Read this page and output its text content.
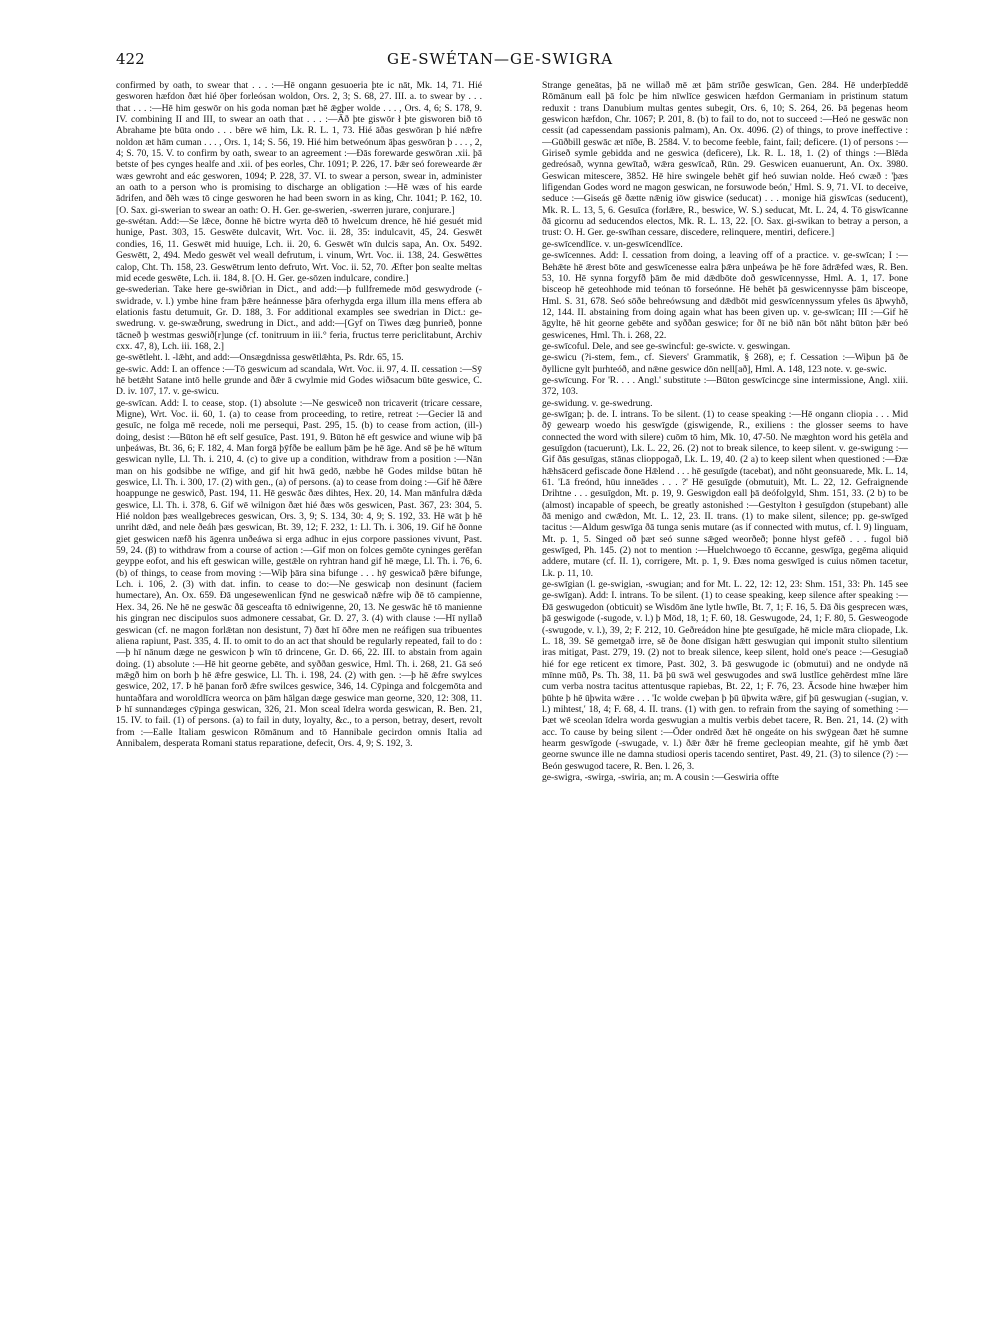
422	GE-SWÉTAN—GE-SWIGRA

confirmed by oath, to swear that . . . :—Hē ongann gesuoeria þte ic nāt, Mk. 14, 71. Hié gesworen hæfdon ðæt hié ōþer forleósan woldon, Ors. 2, 3; S. 68, 27. III. a. to swear by . . . that . . . :—Hē him geswōr on his goda noman þæt hē ǣgþer wolde . . . , Ors. 4, 6; S. 178, 9. IV. combining II and III, to swear an oath that . . . :—Āð þte giswōr ł þte gisworen bið tō Abrahame þte būta ondo . . . bēre wē him, Lk. R. L. 1, 73. Hié āðas geswōran þ hié nǣfre noldon æt hām cuman . . . , Ors. 1, 14; S. 56, 19. Hié him betweónum āþas geswōran þ . . . , 2, 4; S. 70, 15. V. to confirm by oath, swear to an agreement :—Ðās forewarde geswōran .xii. þā betste of þes cynges healfe and .xii. of þes eorles, Chr. 1091; P. 226, 17. Þǣr seó forewearde ǣr wæs gewroht and eác gesworen, 1094; P. 228, 37. VI. to swear a person, swear in, administer an oath to a person who is promising to discharge an obligation :—Hē wæs of his earde ādrifen, and ðēh wæs tō cinge gesworen he had been sworn in as king, Chr. 1041; P. 162, 10. [O. Sax. gi-swerian to swear an oath: O. H. Ger. ge-swerien, -swerren jurare, conjurare.]

ge-swétan. Add:—Se lǣce, ðonne hē bictre wyrta dēð tō hwelcum drence, hē hié gesuét mid hunige, Past. 303, 15. Geswēte dulcavit, Wrt. Voc. ii. 28, 35: indulcavit, 45, 24. Geswēt condies, 16, 11. Geswēt mid huuige, Lch. ii. 20, 6. Geswēt wīn dulcis sapa, An. Ox. 5492. Geswētt, 2, 494. Medo geswēt vel weall defrutum, i. vinum, Wrt. Voc. ii. 138, 24. Geswēttes calop, Cht. Th. 158, 23. Geswētrum lento defruto, Wrt. Voc. ii. 52, 70. Æfter þon sealte meltas mid ecede geswēte, Lch. ii. 184, 8. [O. H. Ger. ge-sōzen indulcare, condire.]

ge-swederian. Take here ge-swiðrian in Dict., and add:—þ fullfremede mōd geswydrode (-swidrade, v. l.) ymbe hine fram þǣre heánnesse þāra oferhygda erga illum illa mens effera ab elationis fastu detumuit, Gr. D. 188, 3. For additional examples see swedrian in Dict.: ge-swedrung. v. ge-swæðrung, swedrung in Dict., and add:—[Gyf on Tiwes dæg þunrieð, þonne tācneð þ westmas geswið[r]unge (cf. tonitruum in iii.° feria, fructus terre periclitabunt, Archiv cxx. 47, 8), Lch. iii. 168, 2.]

ge-swētleht. l. -lǣht, and add:—Onsægdnissa geswētlǣhta, Ps. Rdr. 65, 15.

ge-swic. Add: I. an offence :—Tō geswicum ad scandala, Wrt. Voc. ii. 97, 4. II. cessation :—Sȳ hē betǣht Satane intō helle grunde and ðǣr ā cwylmie mid Godes wiðsacum būte geswice, C. D. iv. 107, 17. v. ge-swicu.

ge-swīcan. Add: I. to cease, stop. (1) absolute :—Ne geswiceð non tricaverit (tricare cessare, Migne), Wrt. Voc. ii. 60, 1. (a) to cease from proceeding, to retire, retreat :—Gecier lā and gesuīc, ne folga mē recede, noli me persequi, Past. 295, 15. (b) to cease from action, (ill-) doing, desist :—Būton hē eft self gesuīce, Past. 191, 9. Būton hē eft geswice and wiune wiþ þā unþeáwas, Bt. 36, 6; F. 182, 4. Man forgā þȳfðe be eallum þām þe hē āge. And sē þe hē wītum geswican nylle, Ll. Th. i. 210, 4. (c) to give up a condition, withdraw from a position :—Nān man on his godsibbe ne wīfige, and gif hit hwā gedō, næbbe hē Godes mildse būtan hē geswice, Ll. Th. i. 300, 17. (2) with gen., (a) of persons. (a) to cease from doing :—Gif hē ðǣre hoappunge ne geswicð, Past. 194, 11. Hē geswāc ðæs dihtes, Hex. 20, 14. Man mānfulra dǣda geswice, Ll. Th. i. 378, 6. Gif wē wilnigon ðæt hié ðæs wōs geswicen, Past. 367, 23: 304, 5. Hié noldon þæs weallgebreces geswican, Ors. 3, 9; S. 134, 30: 4, 9; S. 192, 33. Hē wāt þ hē unriht dǣd, and nele ðeáh þæs geswican, Bt. 39, 12; F. 232, 1: Ll. Th. i. 306, 19. Gif hē ðonne giet geswicen næfð his āgenra unðeáwa si erga adhuc in ejus corpore passiones vivunt, Past. 59, 24. (β) to withdraw from a course of action :—Gif mon on folces gemōte cyninges gerēfan geyppe eofot, and his eft geswican wille, gestǣle on ryhtran hand gif hē mæge, Ll. Th. i. 76, 6. (b) of things, to cease from moving :—Wiþ þāra sina bifunge . . . hȳ geswicað þǣre bifunge, Lch. i. 106, 2. (3) with dat. infin. to cease to do:—Ne geswicaþ non desinunt (faciem humectare), An. Ox. 659. Ðā ungesewenlican fȳnd ne geswicað nǣfre wiþ ðē tō campienne, Hex. 34, 26. Ne hē ne geswāc ðā gesceafta tō edniwigenne, 20, 13. Ne geswāc hē tō manienne his gingran nec discipulos suos admonere cessabat, Gr. D. 27, 3. (4) with clause :—Hī nyllað geswican (cf. ne magon forlǣtan non desistunt, 7) ðæt hī ōðre men ne reáfigen sua tribuentes aliena rapiunt, Past. 335, 4. II. to omit to do an act that should be regularly repeated, fail to do :—þ hī nānum dæge ne geswicon þ wīn tō drincene, Gr. D. 66, 22. III. to abstain from again doing. (1) absolute :—Hē hit georne gebēte, and syððan geswice, Hml. Th. i. 268, 21. Gā seó mǣgð him on borh þ hē ǣfre geswice, Ll. Th. i. 198, 24. (2) with gen. :—þ hē ǣfre swylces geswice, 202, 17. Þ hē þanan forð ǣfre swilces geswice, 346, 14. Cȳpinga and folcgemōta and huntaðfara and woroldlīcra weorca on þām hālgan dæge geswice man georne, 320, 12: 308, 11. Þ hī sunnandæges cȳpinga geswican, 326, 21. Mon sceal īdelra worda geswican, R. Ben. 21, 15. IV. to fail. (1) of persons. (a) to fail in duty, loyalty, &c., to a person, betray, desert, revolt from :—Ealle Italiam geswicon Rōmānum and tō Hannibale gecirdon omnis Italia ad Annibalem, desperata Romani status reparatione, defecit, Ors. 4, 9; S. 192, 3.

Strange geneātas, þā ne willað mē æt þām strīðe geswīcan, Gen. 284. Hē underþīeddē Rōmānum eall þā folc þe him nīwlīce geswicen hæfdon Germaniam in pristinum statum reduxit : trans Danubium multas gentes subegit, Ors. 6, 10; S. 264, 26. Þā þegenas heom geswicon hæfdon, Chr. 1067; P. 201, 8. (b) to fail to do, not to succeed :—Heó ne geswāc non cessit (ad capessendam passionis palmam), An. Ox. 4096. (2) of things, to prove ineffective :—Gūðbill geswāc æt nīðe, B. 2584. V. to become feeble, faint, fail; deficere. (1) of persons :—Giriseð symle gebidda and ne geswica (deficere), Lk. R. L. 18, 1. (2) of things :—Blēda gedreósað, wynna gewītað, wǣra geswīcað, Rūn. 29. Geswicen euanuerunt, An. Ox. 3980. Geswican mitescere, 3852. Hē hire swingele behēt gif heó suwian nolde. Heó cwæð : 'þæs lifigendan Godes word ne magon geswican, ne forsuwode beón,' Hml. S. 9, 71. VI. to deceive, seduce :—Giseás gē ðætte nǣnig iōw giswice (seducat) . . . monige hiā giswīcas (seducent), Mk. R. L. 13, 5, 6. Gesuīca (forlǣre, R., beswice, W. S.) seducat, Mt. L. 24, 4. Tō giswīcanne ðā gicornu ad seducendos electos, Mk. R. L. 13, 22. [O. Sax. gi-swikan to betray a person, a trust: O. H. Ger. ge-swīhan cessare, discedere, relinquere, mentiri, deficere.]

ge-swīcendlīce. v. un-geswīcendlīce.

ge-swīcennes. Add: I. cessation from doing, a leaving off of a practice. v. ge-swīcan; I :—Behǣte hē ǣrest bōte and geswīcenesse ealra þǣra unþeáwa þe hē fore ādrǣfed wæs, R. Ben. 53, 10. Hē synna forgyfð þām ðe mid dǣdbōte doð geswīcennysse, Hml. A. 1, 17. Þone bisceop hē geteohhode mid teónan tō forseónne. Hē behēt þā geswicennysse þām bisceope, Hml. S. 31, 678. Seó sōðe behreówsung and dǣdbōt mid geswīcennyssum yfeles ūs āþwyhð, 12, 144. II. abstaining from doing again what has been given up. v. ge-swīcan; III :—Gif hē āgylte, hē hit georne gebēte and syððan geswice; for ðī ne bið nān bōt nāht būton þǣr beó geswicenes, Hml. Th. i. 268, 22.

ge-swīcoful. Dele, and see ge-swincful: ge-swicte. v. geswingan.

ge-swicu (?i-stem, fem., cf. Sievers' Grammatik, § 268), e; f. Cessation :—Wiþun þā ðe ðyllicne gylt þurhteóð, and nǣne geswice dōn nell[að], Hml. A. 148, 123 note. v. ge-swic.

ge-swīcung. For 'R. . . . Angl.' substitute :—Būton geswīcincge sine intermissione, Angl. xiii. 372, 103.

ge-swidung. v. ge-swedrung.

ge-swīgan; þ. de. I. intrans. To be silent. (1) to cease speaking :—Hē ongann cliopia . . . Mid ðȳ gewearp woedo his geswīgde (giswigende, R., exiliens : the glosser seems to have connected the word with silere) cuōm tō him, Mk. 10, 47-50. Ne mæghton word his getēla and gesuīgdon (tacuerunt), Lk. L. 22, 26. (2) not to break silence, to keep silent. v. ge-swigung :—Gif ðās gesuīgas, stānas clioppogað, Lk. L. 19, 40. (2 a) to keep silent when questioned :—Ðæ hǣhsācerd gefiscade ðone Hǣlend . . . hē gesuīgde (tacebat), and nōht geonsuarede, Mk. L. 14, 61. 'Lā freónd, hūu inneādes . . . ?' Hē gesuīgde (obmutuit), Mt. L. 22, 12. Gefraignende Drihtne . . . gesuīgdon, Mt. p. 19, 9. Geswigdon eall þā deófolgyld, Shm. 151, 33. (2 b) to be (almost) incapable of speech, be greatly astonished :—Gestylton ł gesuīgdon (stupebant) alle ðā menigo and cwǣdon, Mt. L. 12, 23. II. trans. (1) to make silent, silence; pp. ge-swīged tacitus :—Aldum geswīga ðā tunga senis mutare (as if connected with mutus, cf. l. 9) linguam, Mt. p. 1, 5. Singed oð þæt seó sunne sǣged weorðeð; þonne hlyst gefēð . . . fugol bið geswīged, Ph. 145. (2) not to mention :—Huelchwoego tō ēccanne, geswīga, gegēma aliquid addere, mutare (cf. II. 1), corrigere, Mt. p. 1, 9. Ðæs noma geswīged is cuius nōmen tacetur, Lk. p. 11, 10.

ge-swīgian (l. ge-swigian, -swugian; and for Mt. L. 22, 12: 12, 23: Shm. 151, 33: Ph. 145 see ge-swīgan). Add: I. intrans. To be silent. (1) to cease speaking, keep silence after speaking :—Ðā geswugedon (obticuit) se Wisdōm āne lytle hwīle, Bt. 7, 1; F. 16, 5. Ðā ðis gesprecen wæs, þā geswigode (-sugode, v. l.) þ Mōd, 18, 1; F. 60, 18. Geswugode, 24, 1; F. 80, 5. Gesweogode (-swugode, v. l.), 39, 2; F. 212, 10. Geðreádon hine þte gesuīgade, hē micle māra cliopade, Lk. L. 18, 39. Sē gemetgað irre, sē ðe ðone dīsigan hǣtt geswugian qui imponit stulto silentium iras mitigat, Past. 279, 19. (2) not to break silence, keep silent, hold one's peace :—Gesugiað hié for ege reticent ex timore, Past. 302, 3. Þā geswugode ic (obmutui) and ne ondyde nā mīnne mūð, Ps. Th. 38, 11. Þā þū swā wel geswugodes and swā lustlīce gehērdest mīne lāre cum verba nostra tacitus attentusque rapiebas, Bt. 22, 1; F. 76, 23. Ācsode hine hwæþer him þūhte þ hē ūþwita wǣre . . . 'Ic wolde cweþan þ þū ūþwita wǣre, gif þū geswugian (-sugian, v. l.) mihtest,' 18, 4; F. 68, 4. II. trans. (1) with gen. to refrain from the saying of something :—Þæt wē sceolan īdelra worda geswugian a multis verbis debet tacere, R. Ben. 21, 14. (2) with acc. To cause by being silent :—Ōder ondrēd ðæt hē ongeáte on his swȳgean ðæt hē sumne hearm geswīgode (-swugade, v. l.) ðǣr ðǣr hē freme gecleopian meahte, gif hē ymb ðæt georne swunce ille ne damna studiosi operis tacendo sentiret, Past. 49, 21. (3) to silence (?) :—Beón geswugod tacere, R. Ben. l. 26, 3.

ge-swigra, -swirga, -swiria, an; m. A cousin :—Geswiria offte
